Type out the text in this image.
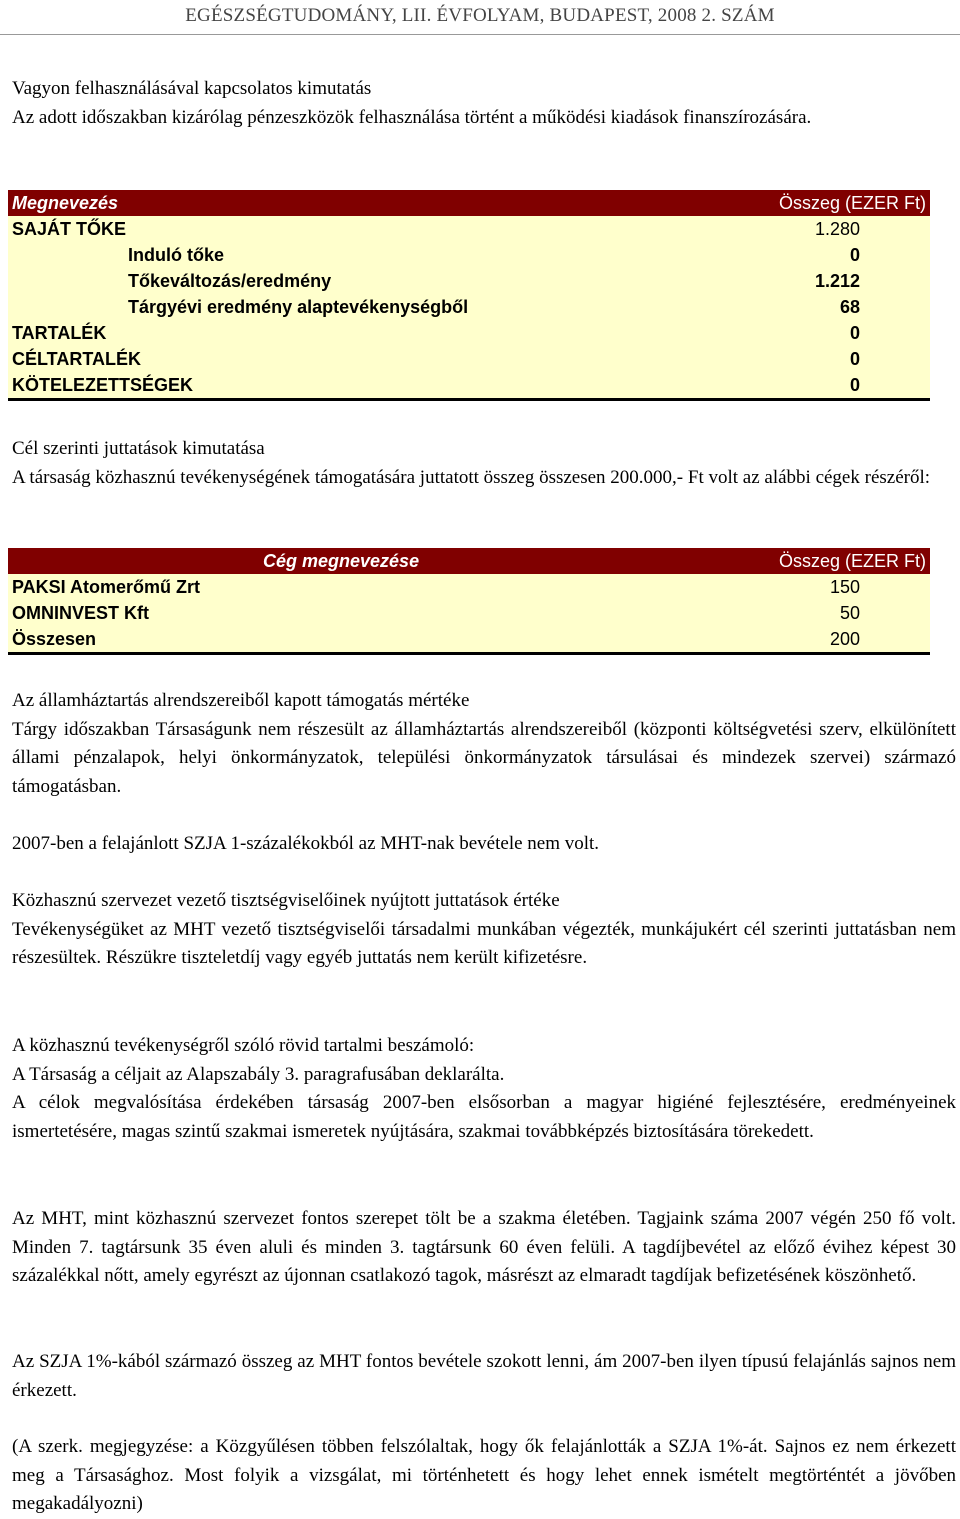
EGÉSZSÉGTUDOMÁNY, LII. ÉVFOLYAM, BUDAPEST, 2008 2. SZÁM

Vagyon felhasználásával kapcsolatos kimutatás

Az adott időszakban kizárólag pénzeszközök felhasználása történt a működési kiadások finanszírozására.

Megnevezés	Összeg (EZER Ft)
SAJÁT TŐKE	1.280
Induló tőke	0
Tőkeváltozás/eredmény	1.212
Tárgyévi eredmény alaptevékenységből	68
TARTALÉK	0
CÉLTARTALÉK	0
KÖTELEZETTSÉGEK	0

Cél szerinti juttatások kimutatása

A társaság közhasznú tevékenységének támogatására juttatott összeg összesen 200.000,- Ft volt az alábbi cégek részéről:

Cég megnevezése	Összeg (EZER Ft)
PAKSI Atomerőmű Zrt	150
OMNINVEST Kft	50
Összesen	200

Az államháztartás alrendszereiből kapott támogatás mértéke

Tárgy időszakban Társaságunk nem részesült az államháztartás alrendszereiből (központi költségvetési szerv, elkülönített állami pénzalapok, helyi önkormányzatok, települési önkormányzatok társulásai és mindezek szervei) származó támogatásban.

2007-ben a felajánlott SZJA 1-százalékokból az MHT-nak bevétele nem volt.

Közhasznú szervezet vezető tisztségviselőinek nyújtott juttatások értéke

Tevékenységüket az MHT vezető tisztségviselői társadalmi munkában végezték, munkájukért cél szerinti juttatásban nem részesültek. Részükre tiszteletdíj vagy egyéb juttatás nem került kifizetésre.

A közhasznú tevékenységről szóló rövid tartalmi beszámoló:

A Társaság a céljait az Alapszabály 3. paragrafusában deklarálta.

A célok megvalósítása érdekében társaság 2007-ben elsősorban a magyar higiéné fejlesztésére, eredményeinek ismertetésére, magas szintű szakmai ismeretek nyújtására, szakmai továbbképzés biztosítására törekedett.

Az MHT, mint közhasznú szervezet fontos szerepet tölt be a szakma életében. Tagjaink száma 2007 végén 250 fő volt. Minden 7. tagtársunk 35 éven aluli és minden 3. tagtársunk 60 éven felüli. A tagdíjbevétel az előző évihez képest 30 százalékkal nőtt, amely egyrészt az újonnan csatlakozó tagok, másrészt az elmaradt tagdíjak befizetésének köszönhető.

Az SZJA 1%-kából származó összeg az MHT fontos bevétele szokott lenni, ám 2007-ben ilyen típusú felajánlás sajnos nem érkezett.

(A szerk. megjegyzése: a Közgyűlésen többen felszólaltak, hogy ők felajánlották a SZJA 1%-át. Sajnos ez nem érkezett meg a Társasághoz. Most folyik a vizsgálat, mi történhetett és hogy lehet ennek ismételt megtörténtét a jövőben megakadályozni)
